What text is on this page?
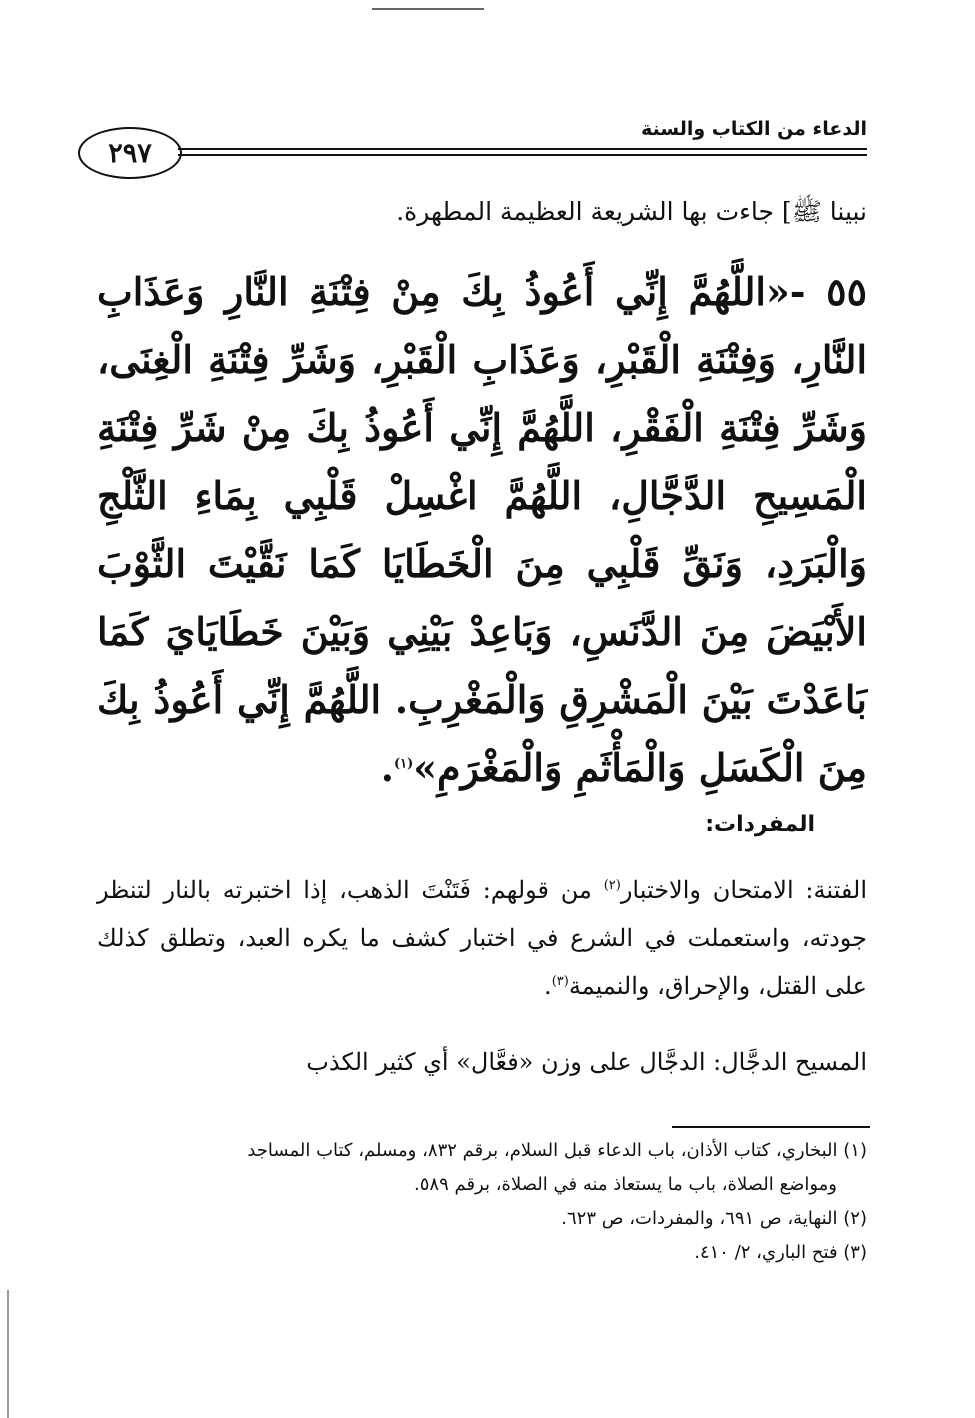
الدعاء من الكتاب والسنة
٢٩٧
نبينا ﷺ] جاءت بها الشريعة العظيمة المطهرة.
٥٥ -«اللَّهُمَّ إِنِّي أَعُوذُ بِكَ مِنْ فِتْنَةِ النَّارِ وَعَذَابِ النَّارِ، وَفِتْنَةِ الْقَبْرِ، وَعَذَابِ الْقَبْرِ، وَشَرِّ فِتْنَةِ الْغِنَى، وَشَرِّ فِتْنَةِ الْفَقْرِ، اللَّهُمَّ إِنِّي أَعُوذُ بِكَ مِنْ شَرِّ فِتْنَةِ الْمَسِيحِ الدَّجَّالِ، اللَّهُمَّ اغْسِلْ قَلْبِي بِمَاءِ الثَّلْجِ وَالْبَرَدِ، وَنَقِّ قَلْبِي مِنَ الْخَطَايَا كَمَا نَقَّيْتَ الثَّوْبَ الأَبْيَضَ مِنَ الدَّنَسِ، وَبَاعِدْ بَيْنِي وَبَيْنَ خَطَايَايَ كَمَا بَاعَدْتَ بَيْنَ الْمَشْرِقِ وَالْمَغْرِبِ. اللَّهُمَّ إِنِّي أَعُوذُ بِكَ مِنَ الْكَسَلِ وَالْمَأْثَمِ وَالْمَغْرَمِ»$^{(١)}$.
المفردات:
الفتنة: الامتحان والاختبار$^{(٢)}$ من قولهم: فَتَنْتَ الذهب، إذا اختبرته بالنار لتنظر جودته، واستعملت في الشرع في اختبار كشف ما يكره العبد، وتطلق كذلك على القتل، والإحراق، والنميمة$^{(٣)}$.
المسيح الدجَّال: الدجَّال على وزن «فعَّال» أي كثير الكذب

(١) البخاري، كتاب الأذان، باب الدعاء قبل السلام، برقم ٨٣٢، ومسلم، كتاب المساجد
ومواضع الصلاة، باب ما يستعاذ منه في الصلاة، برقم ٥٨٩.

(٢) النهاية، ص ٦٩١، والمفردات، ص ٦٢٣.

(٣) فتح الباري، ٢/ ٤١٠.
